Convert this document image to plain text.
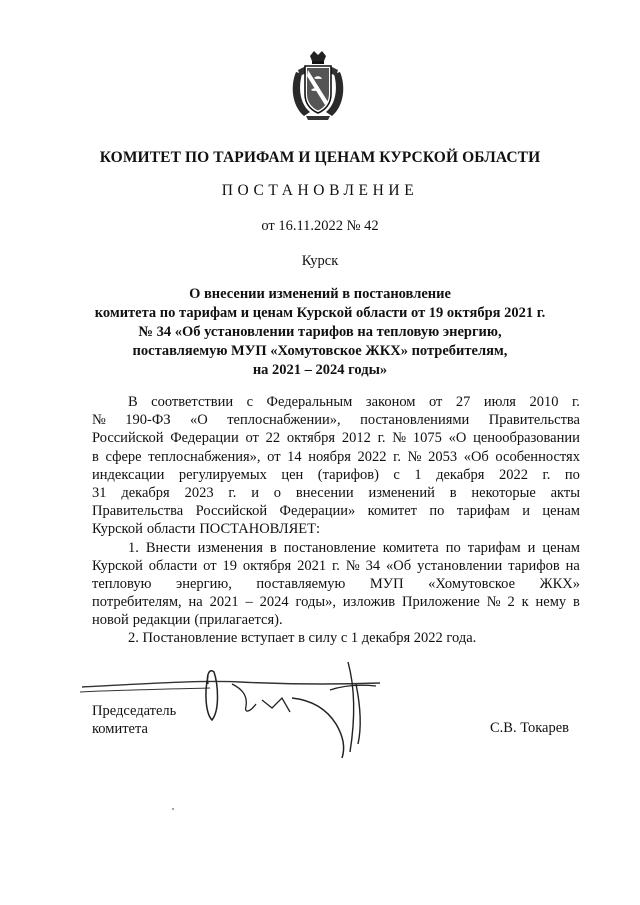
КОМИТЕТ ПО ТАРИФАМ И ЦЕНАМ КУРСКОЙ ОБЛАСТИ
ПОСТАНОВЛЕНИЕ
от 16.11.2022 № 42
Курск
О внесении изменений в постановление
комитета по тарифам и ценам Курской области от 19 октября 2021 г.
№ 34 «Об установлении тарифов на тепловую энергию,
поставляемую МУП «Хомутовское ЖКХ» потребителям,
на 2021 – 2024 годы»
В соответствии с Федеральным законом от 27 июля 2010 г.
№ 190-ФЗ «О теплоснабжении», постановлениями Правительства
Российской Федерации от 22 октября 2012 г. № 1075 «О ценообразовании
в сфере теплоснабжения», от 14 ноября 2022 г. № 2053 «Об особенностях
индексации регулируемых цен (тарифов) с 1 декабря 2022 г. по
31 декабря 2023 г. и о внесении изменений в некоторые акты
Правительства Российской Федерации» комитет по тарифам и ценам
Курской области ПОСТАНОВЛЯЕТ:
1. Внести изменения в постановление комитета по тарифам и ценам
Курской области от 19 октября 2021 г. № 34 «Об установлении тарифов на
тепловую энергию, поставляемую МУП «Хомутовское ЖКХ»
потребителям, на 2021 – 2024 годы», изложив Приложение № 2 к нему в
новой редакции (прилагается).
2. Постановление вступает в силу с 1 декабря 2022 года.
Председатель
комитета	С.В. Токарев
